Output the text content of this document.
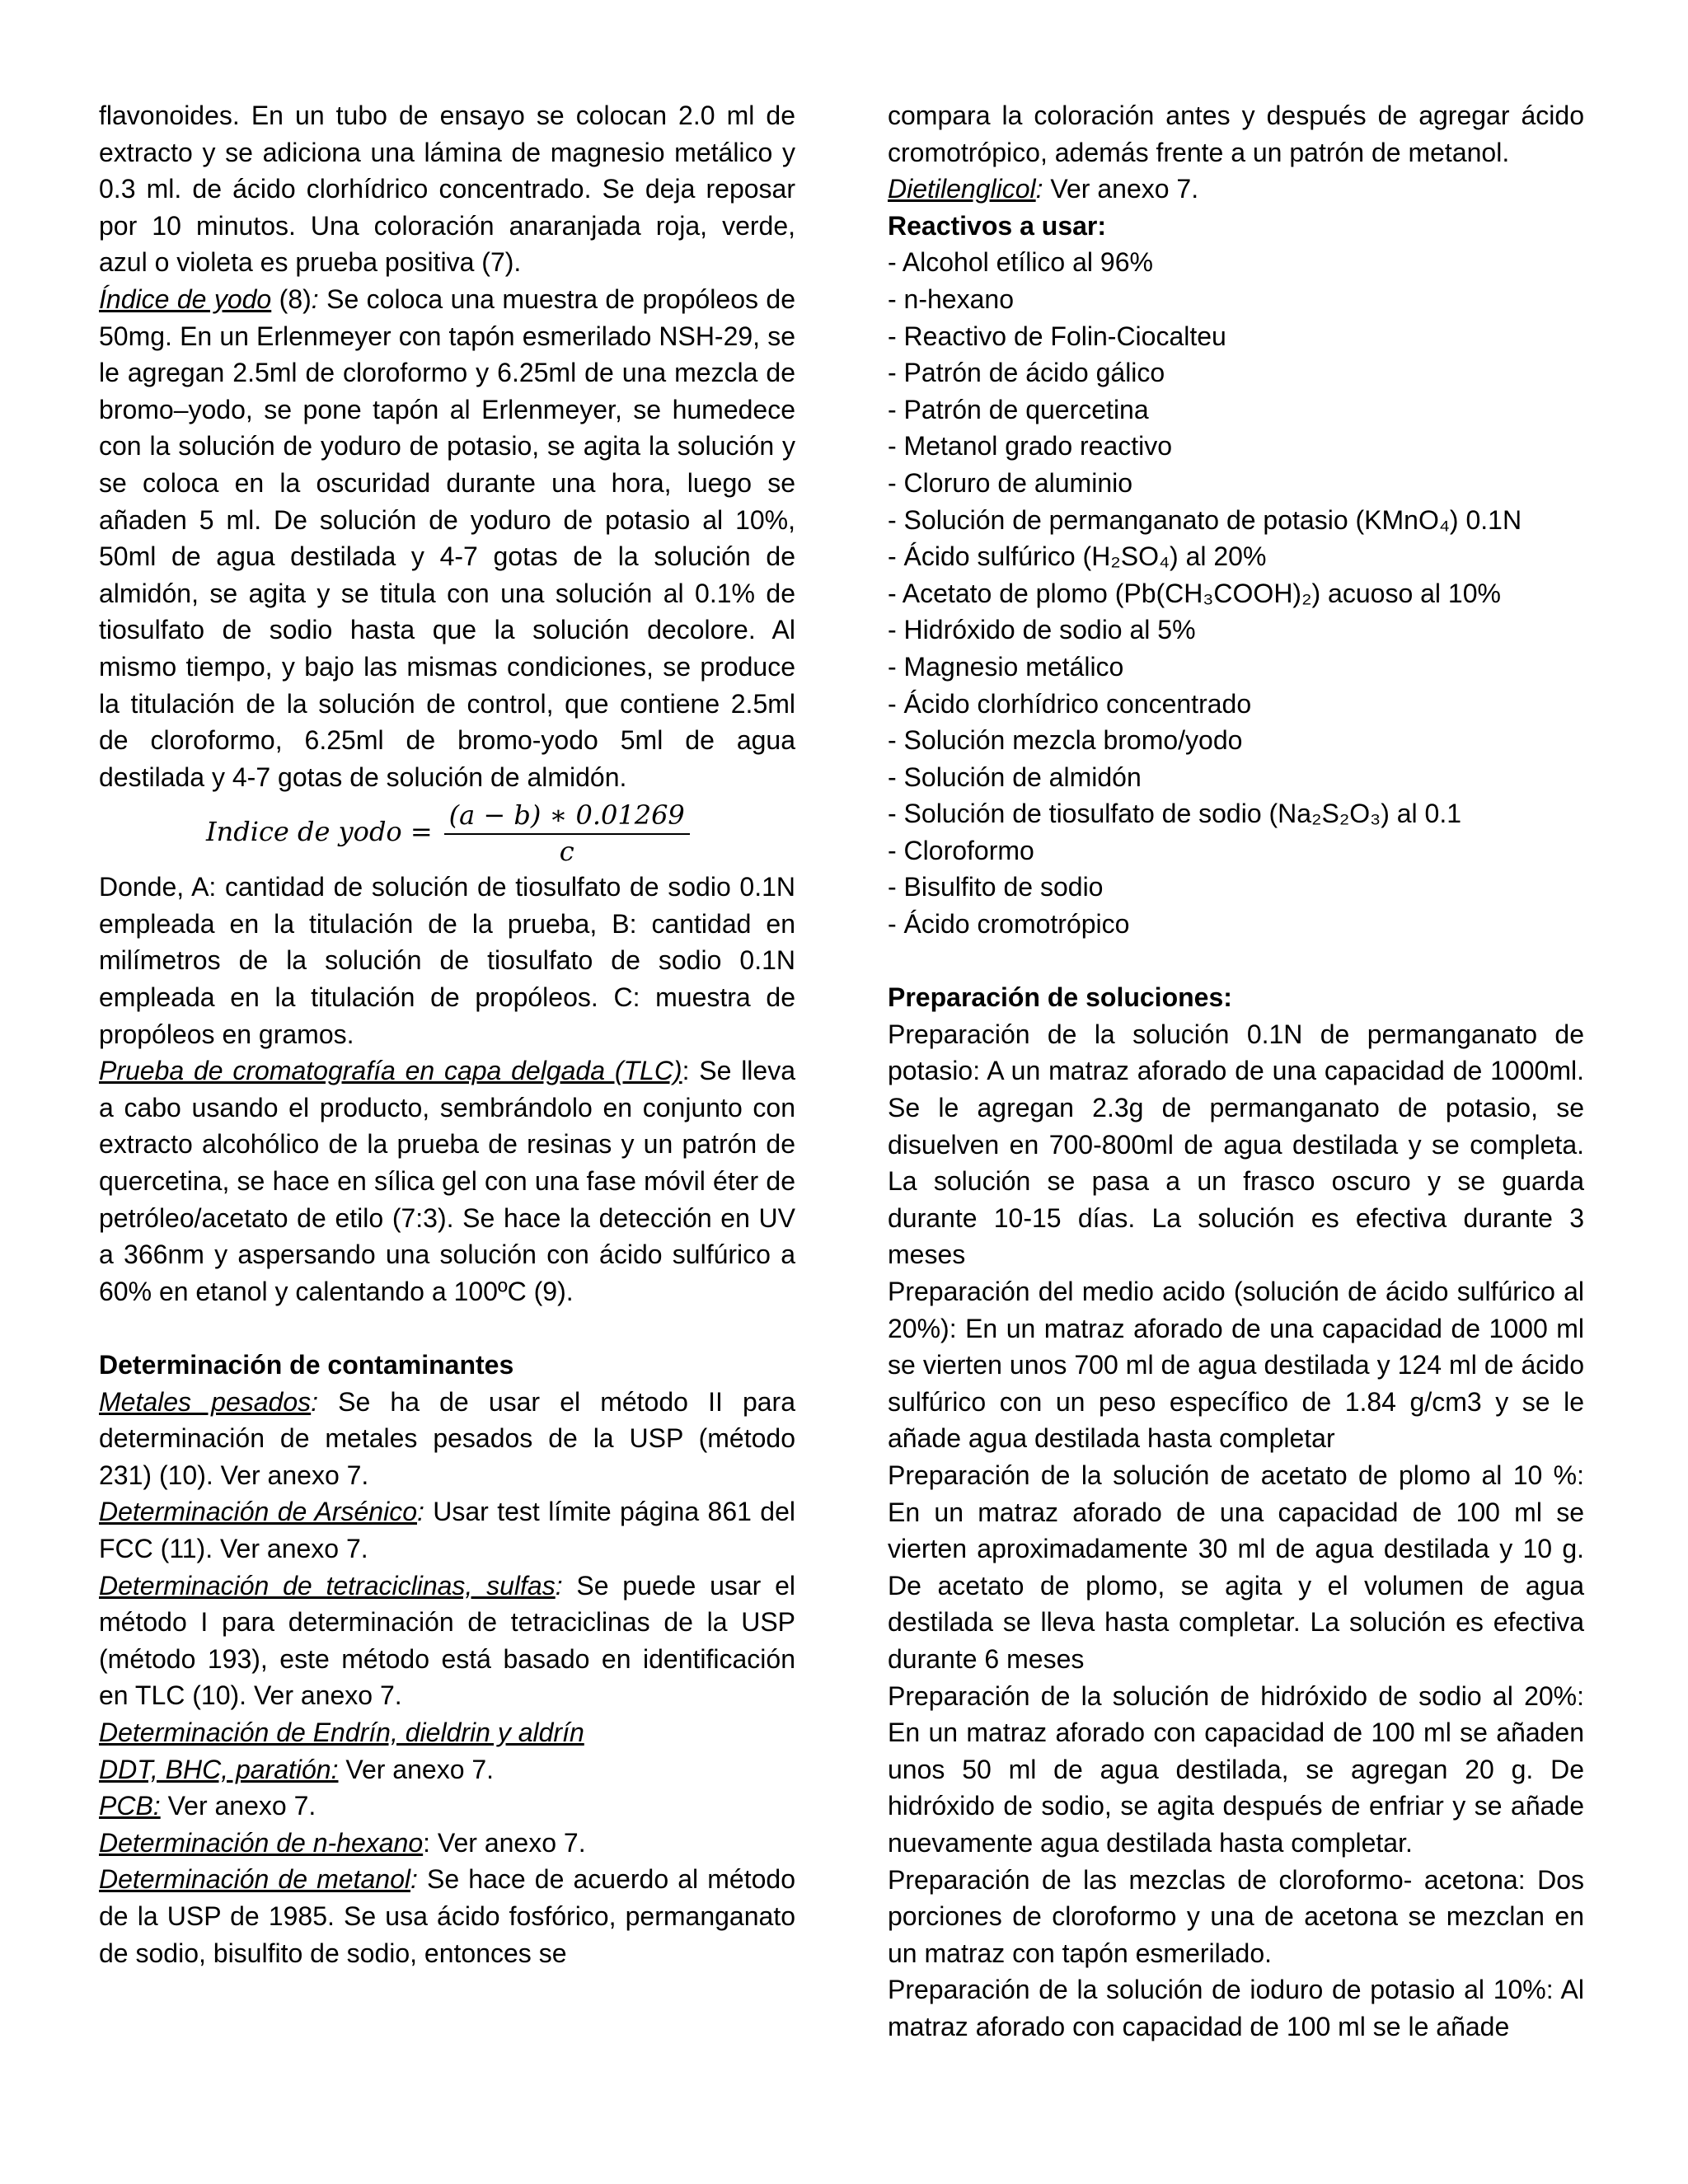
flavonoides. En un tubo de ensayo se colocan 2.0 ml de extracto y se adiciona una lámina de magnesio metálico y 0.3 ml. de ácido clorhídrico concentrado. Se deja reposar por 10 minutos. Una coloración anaranjada roja, verde, azul o violeta es prueba positiva (7).

Índice de yodo (8): Se coloca una muestra de propóleos de 50mg. En un Erlenmeyer con tapón esmerilado NSH-29, se le agregan 2.5ml de cloroformo y 6.25ml de una mezcla de bromo–yodo, se pone tapón al Erlenmeyer, se humedece con la solución de yoduro de potasio, se agita la solución y se coloca en la oscuridad durante una hora, luego se añaden 5 ml. De solución de yoduro de potasio al 10%, 50ml de agua destilada y 4-7 gotas de la solución de almidón, se agita y se titula con una solución al 0.1% de tiosulfato de sodio hasta que la solución decolore. Al mismo tiempo, y bajo las mismas condiciones, se produce la titulación de la solución de control, que contiene 2.5ml de cloroformo, 6.25ml de bromo-yodo 5ml de agua destilada y 4-7 gotas de solución de almidón.

Indice de yodo = $\frac{(a - b) ∗ 0.01269}{c}$

Donde, A: cantidad de solución de tiosulfato de sodio 0.1N empleada en la titulación de la prueba, B: cantidad en milímetros de la solución de tiosulfato de sodio 0.1N empleada en la titulación de propóleos. C: muestra de propóleos en gramos.

Prueba de cromatografía en capa delgada (TLC): Se lleva a cabo usando el producto, sembrándolo en conjunto con extracto alcohólico de la prueba de resinas y un patrón de quercetina, se hace en sílica gel con una fase móvil éter de petróleo/acetato de etilo (7:3). Se hace la detección en UV a 366nm y aspersando una solución con ácido sulfúrico a 60% en etanol y calentando a 100ºC (9).

Determinación de contaminantes

Metales pesados: Se ha de usar el método II para determinación de metales pesados de la USP (método 231) (10). Ver anexo 7.

Determinación de Arsénico: Usar test límite página 861 del FCC (11). Ver anexo 7.

Determinación de tetraciclinas, sulfas: Se puede usar el método I para determinación de tetraciclinas de la USP (método 193), este método está basado en identificación en TLC (10). Ver anexo 7.

Determinación de Endrín, dieldrin y aldrín

DDT, BHC, paratión: Ver anexo 7.

PCB: Ver anexo 7.

Determinación de n-hexano: Ver anexo 7.

Determinación de metanol: Se hace de acuerdo al método de la USP de 1985. Se usa ácido fosfórico, permanganato de sodio, bisulfito de sodio, entonces se

compara la coloración antes y después de agregar ácido cromotrópico, además frente a un patrón de metanol.

Dietilenglicol: Ver anexo 7.

Reactivos a usar:

- Alcohol etílico al 96%

- n-hexano

- Reactivo de Folin-Ciocalteu

- Patrón de ácido gálico

- Patrón de quercetina

- Metanol grado reactivo

- Cloruro de aluminio

- Solución de permanganato de potasio (KMnO₄) 0.1N

- Ácido sulfúrico (H₂SO₄) al 20%

- Acetato de plomo (Pb(CH₃COOH)₂) acuoso al 10%

- Hidróxido de sodio al 5%

- Magnesio metálico

- Ácido clorhídrico concentrado

- Solución mezcla bromo/yodo

- Solución de almidón

- Solución de tiosulfato de sodio (Na₂S₂O₃) al 0.1

- Cloroformo

- Bisulfito de sodio

- Ácido cromotrópico

Preparación de soluciones:

Preparación de la solución 0.1N de permanganato de potasio: A un matraz aforado de una capacidad de 1000ml. Se le agregan 2.3g de permanganato de potasio, se disuelven en 700-800ml de agua destilada y se completa. La solución se pasa a un frasco oscuro y se guarda durante 10-15 días. La solución es efectiva durante 3 meses

Preparación del medio acido (solución de ácido sulfúrico al 20%): En un matraz aforado de una capacidad de 1000 ml se vierten unos 700 ml de agua destilada y 124 ml de ácido sulfúrico con un peso específico de 1.84 g/cm3 y se le añade agua destilada hasta completar

Preparación de la solución de acetato de plomo al 10 %: En un matraz aforado de una capacidad de 100 ml se vierten aproximadamente 30 ml de agua destilada y 10 g. De acetato de plomo, se agita y el volumen de agua destilada se lleva hasta completar. La solución es efectiva durante 6 meses

Preparación de la solución de hidróxido de sodio al 20%: En un matraz aforado con capacidad de 100 ml se añaden unos 50 ml de agua destilada, se agregan 20 g. De hidróxido de sodio, se agita después de enfriar y se añade nuevamente agua destilada hasta completar.

Preparación de las mezclas de cloroformo- acetona: Dos porciones de cloroformo y una de acetona se mezclan en un matraz con tapón esmerilado.

Preparación de la solución de ioduro de potasio al 10%: Al matraz aforado con capacidad de 100 ml se le añade
